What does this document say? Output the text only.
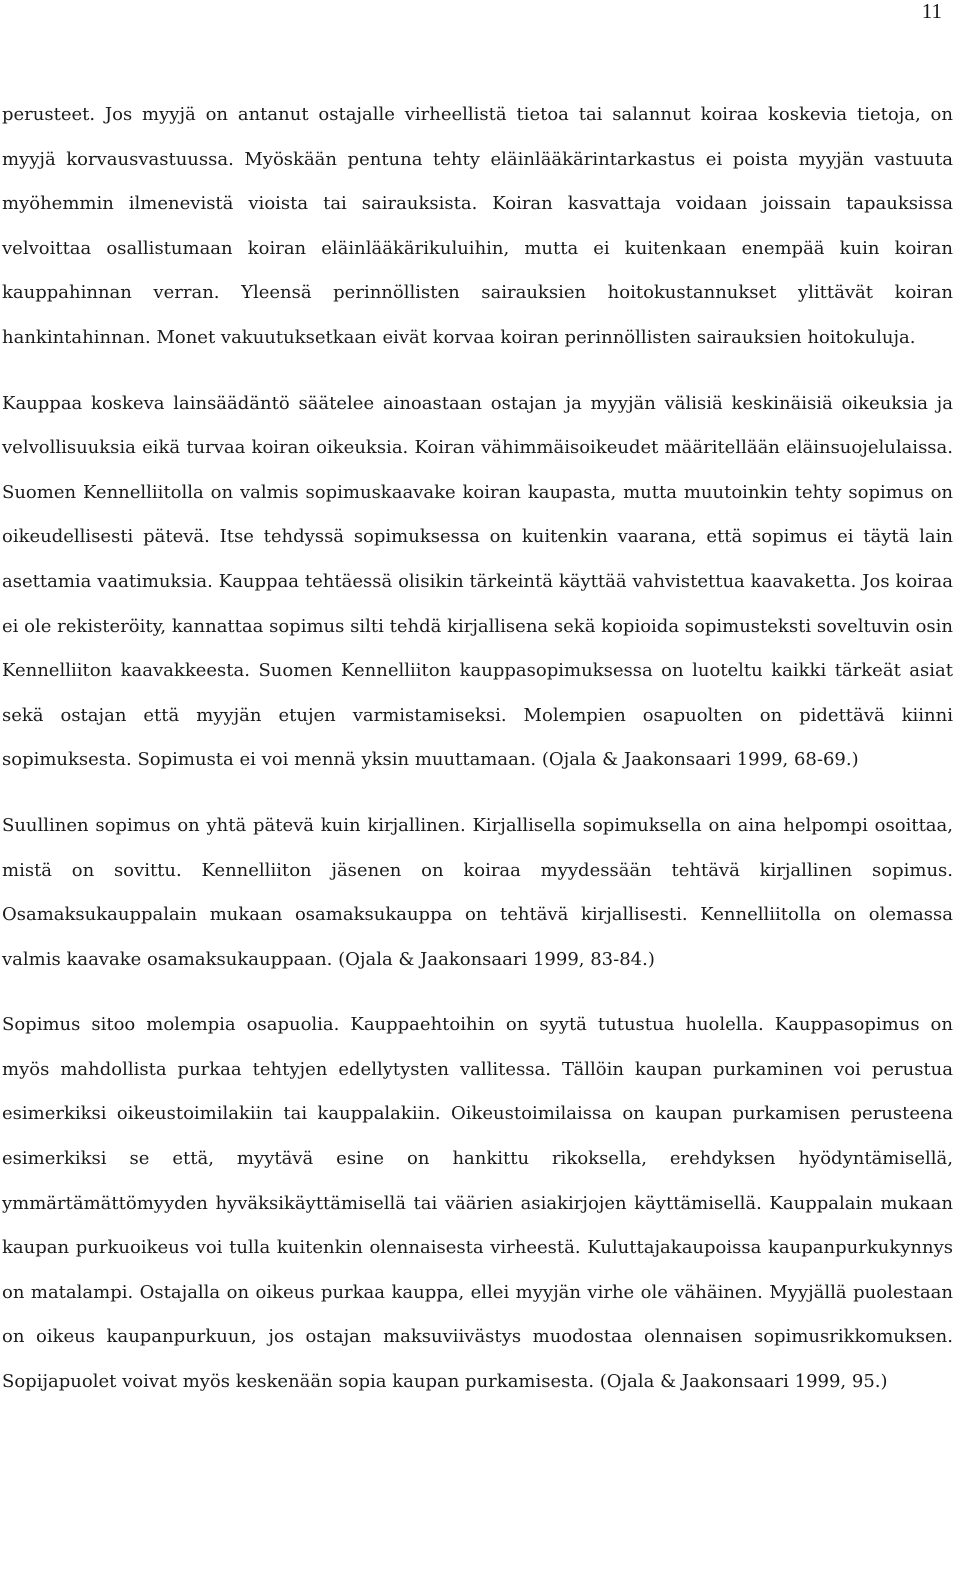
11

perusteet. Jos myyjä on antanut ostajalle virheellistä tietoa tai salannut koiraa koskevia tietoja, on myyjä korvausvastuussa. Myöskään pentuna tehty eläinlääkärintarkastus ei poista myyjän vastuuta myöhemmin ilmenevistä vioista tai sairauksista. Koiran kasvattaja voidaan joissain tapauksissa velvoittaa osallistumaan koiran eläinlääkärikuluihin, mutta ei kuitenkaan enempää kuin koiran kauppahinnan verran. Yleensä perinnöllisten sairauksien hoitokustannukset ylittävät koiran hankintahinnan. Monet vakuutuksetkaan eivät korvaa koiran perinnöllisten sairauksien hoitokuluja.

Kauppaa koskeva lainsäädäntö säätelee ainoastaan ostajan ja myyjän välisiä keskinäisiä oikeuksia ja velvollisuuksia eikä turvaa koiran oikeuksia. Koiran vähimmäisoikeudet määritellään eläinsuojelulaissa. Suomen Kennelliitolla on valmis sopimuskaavake koiran kaupasta, mutta muutoinkin tehty sopimus on oikeudellisesti pätevä. Itse tehdyssä sopimuksessa on kuitenkin vaarana, että sopimus ei täytä lain asettamia vaatimuksia. Kauppaa tehtäessä olisikin tärkeintä käyttää vahvistettua kaavaketta. Jos koiraa ei ole rekisteröity, kannattaa sopimus silti tehdä kirjallisena sekä kopioida sopimusteksti soveltuvin osin Kennelliiton kaavakkeesta. Suomen Kennelliiton kauppasopimuksessa on luoteltu kaikki tärkeät asiat sekä ostajan että myyjän etujen varmistamiseksi. Molempien osapuolten on pidettävä kiinni sopimuksesta. Sopimusta ei voi mennä yksin muuttamaan. (Ojala & Jaakonsaari 1999, 68-69.)

Suullinen sopimus on yhtä pätevä kuin kirjallinen. Kirjallisella sopimuksella on aina helpompi osoittaa, mistä on sovittu. Kennelliiton jäsenen on koiraa myydessään tehtävä kirjallinen sopimus. Osamaksukauppalain mukaan osamaksukauppa on tehtävä kirjallisesti. Kennelliitolla on olemassa valmis kaavake osamaksukauppaan. (Ojala & Jaakonsaari 1999, 83-84.)

Sopimus sitoo molempia osapuolia. Kauppaehtoihin on syytä tutustua huolella. Kauppasopimus on myös mahdollista purkaa tehtyjen edellytysten vallitessa. Tällöin kaupan purkaminen voi perustua esimerkiksi oikeustoimilakiin tai kauppalakiin. Oikeustoimilaissa on kaupan purkamisen perusteena esimerkiksi se että, myytävä esine on hankittu rikoksella, erehdyksen hyödyntämisellä, ymmärtämättömyyden hyväksikäyttämisellä tai väärien asiakirjojen käyttämisellä. Kauppalain mukaan kaupan purkuoikeus voi tulla kuitenkin olennaisesta virheestä. Kuluttajakaupoissa kaupanpurkukynnys on matalampi. Ostajalla on oikeus purkaa kauppa, ellei myyjän virhe ole vähäinen. Myyjällä puolestaan on oikeus kaupanpurkuun, jos ostajan maksuviivästys muodostaa olennaisen sopimusrikkomuksen. Sopijapuolet voivat myös keskenään sopia kaupan purkamisesta. (Ojala & Jaakonsaari 1999, 95.)
